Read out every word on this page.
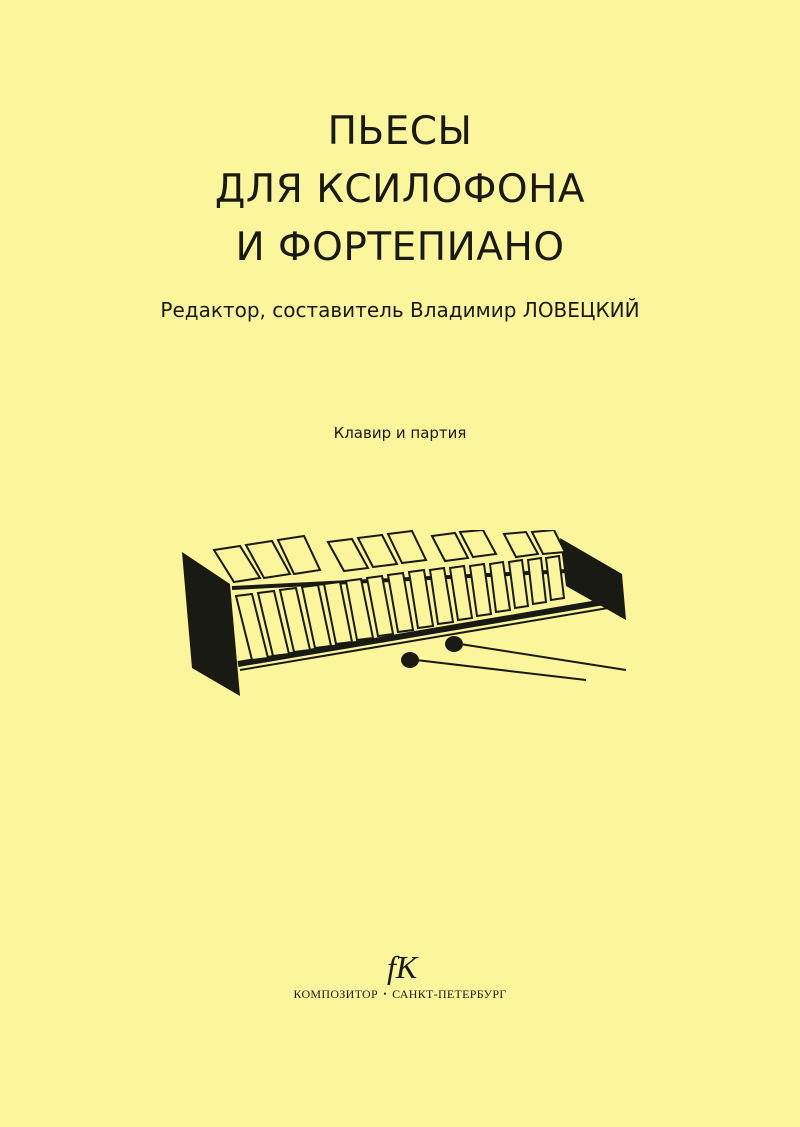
ПЬЕСЫ
ДЛЯ КСИЛОФОНА
И ФОРТЕПИАНО
Редактор, составитель Владимир ЛОВЕЦКИЙ
Клавир и партия
fK
КОМПОЗИТОР • САНКТ-ПЕТЕРБУРГ
